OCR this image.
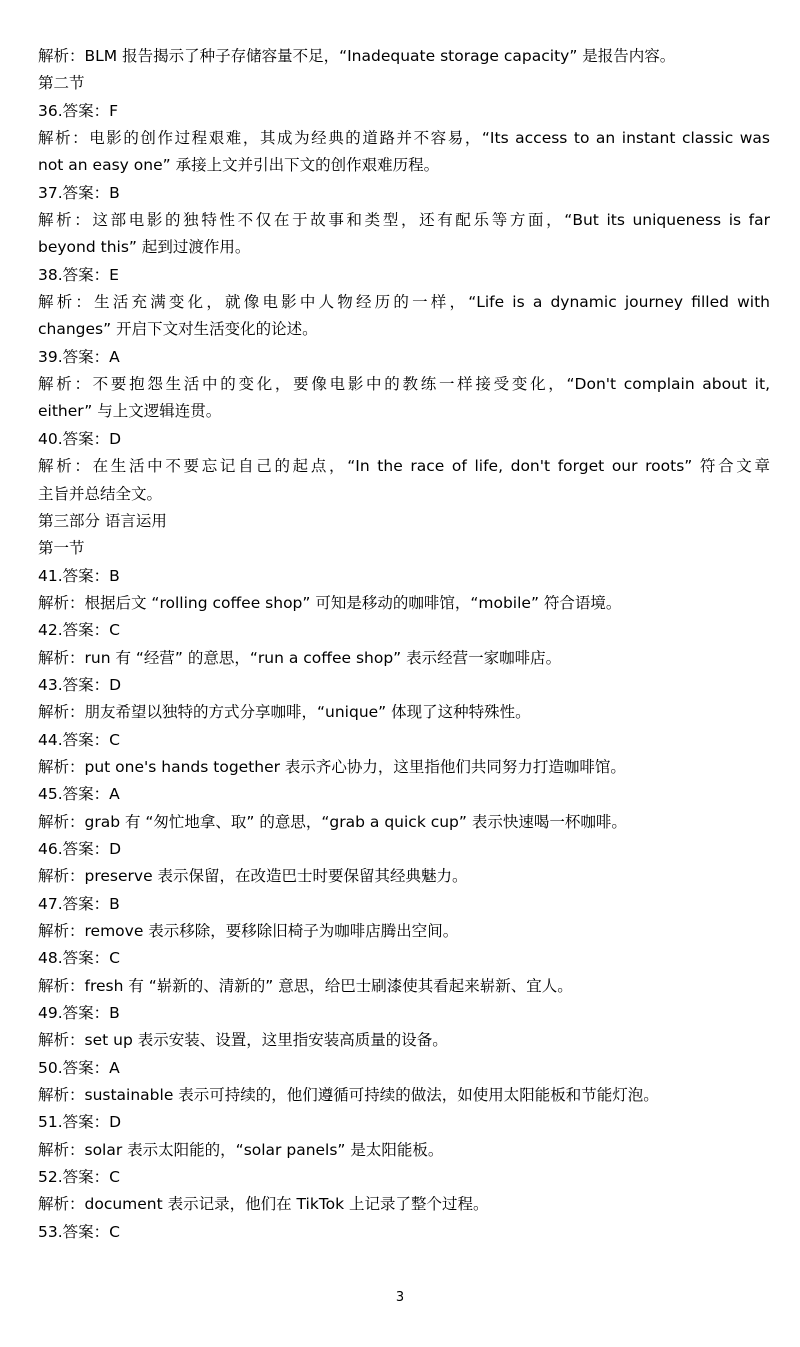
解析：BLM 报告揭示了种子存储容量不足，“Inadequate storage capacity” 是报告内容。
第二节
36.答案：F
解析：电影的创作过程艰难，其成为经典的道路并不容易，“Its access to an instant classic was
not an easy one” 承接上文并引出下文的创作艰难历程。
37.答案：B
解析：这部电影的独特性不仅在于故事和类型，还有配乐等方面，“But its uniqueness is far
beyond this” 起到过渡作用。
38.答案：E
解析：生活充满变化，就像电影中人物经历的一样，“Life is a dynamic journey filled with
changes” 开启下文对生活变化的论述。
39.答案：A
解析：不要抱怨生活中的变化，要像电影中的教练一样接受变化，“Don't complain about it,
either” 与上文逻辑连贯。
40.答案：D
解析：在生活中不要忘记自己的起点，“In the race of life, don't forget our roots” 符合文章
主旨并总结全文。
第三部分 语言运用
第一节
41.答案：B
解析：根据后文 “rolling coffee shop” 可知是移动的咖啡馆，“mobile” 符合语境。
42.答案：C
解析：run 有 “经营” 的意思，“run a coffee shop” 表示经营一家咖啡店。
43.答案：D
解析：朋友希望以独特的方式分享咖啡，“unique” 体现了这种特殊性。
44.答案：C
解析：put one's hands together 表示齐心协力，这里指他们共同努力打造咖啡馆。
45.答案：A
解析：grab 有 “匆忙地拿、取” 的意思，“grab a quick cup” 表示快速喝一杯咖啡。
46.答案：D
解析：preserve 表示保留，在改造巴士时要保留其经典魅力。
47.答案：B
解析：remove 表示移除，要移除旧椅子为咖啡店腾出空间。
48.答案：C
解析：fresh 有 “崭新的、清新的” 意思，给巴士刷漆使其看起来崭新、宜人。
49.答案：B
解析：set up 表示安装、设置，这里指安装高质量的设备。
50.答案：A
解析：sustainable 表示可持续的，他们遵循可持续的做法，如使用太阳能板和节能灯泡。
51.答案：D
解析：solar 表示太阳能的，“solar panels” 是太阳能板。
52.答案：C
解析：document 表示记录，他们在 TikTok 上记录了整个过程。
53.答案：C
3
